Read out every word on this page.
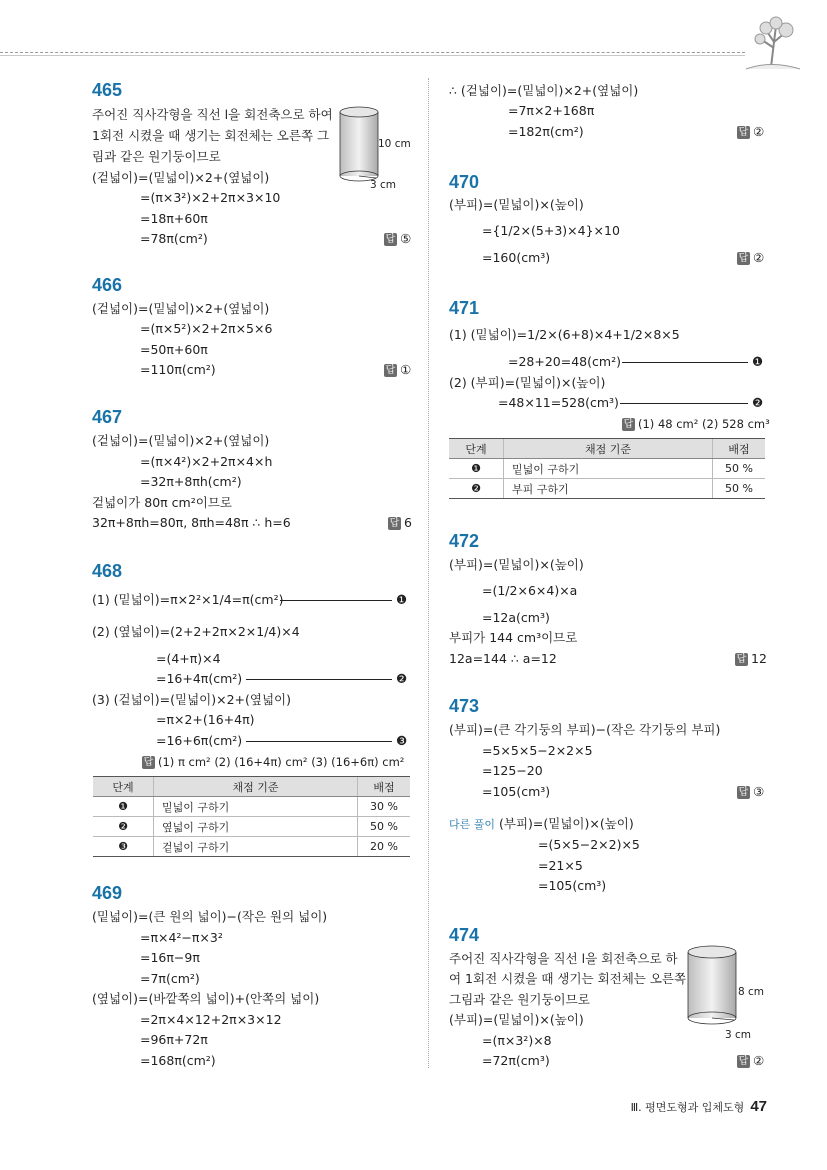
465
주어진 직사각형을 직선 l을 회전축으로 하여
1회전 시켰을 때 생기는 회전체는 오른쪽 그
림과 같은 원기둥이므로
(겉넓이)=(밑넓이)×2+(옆넓이)
=(π×3²)×2+2π×3×10
=18π+60π
=78π(cm²)	답 ⑤
10 cm
3 cm
466
(겉넓이)=(밑넓이)×2+(옆넓이)
=(π×5²)×2+2π×5×6
=50π+60π
=110π(cm²)	답 ①
467
(겉넓이)=(밑넓이)×2+(옆넓이)
=(π×4²)×2+2π×4×h
=32π+8πh(cm²)
겉넓이가 80π cm²이므로
32π+8πh=80π, 8πh=48π ∴ h=6	답 6
468
(1) (밑넓이)=π×2²×1/4=π(cm²)	❶
(2) (옆넓이)=(2+2+2π×2×1/4)×4
=(4+π)×4
=16+4π(cm²)	❷
(3) (겉넓이)=(밑넓이)×2+(옆넓이)
=π×2+(16+4π)
=16+6π(cm²)	❸
답 (1) π cm² (2) (16+4π) cm² (3) (16+6π) cm²
단계	채점 기준	배점
❶	밑넓이 구하기	30 %
❷	옆넓이 구하기	50 %
❸	겉넓이 구하기	20 %
469
(밑넓이)=(큰 원의 넓이)−(작은 원의 넓이)
=π×4²−π×3²
=16π−9π
=7π(cm²)
(옆넓이)=(바깥쪽의 넓이)+(안쪽의 넓이)
=2π×4×12+2π×3×12
=96π+72π
=168π(cm²)
∴ (겉넓이)=(밑넓이)×2+(옆넓이)
=7π×2+168π
=182π(cm²)	답 ②
470
(부피)=(밑넓이)×(높이)
={1/2×(5+3)×4}×10
=160(cm³)	답 ②
471
(1) (밑넓이)=1/2×(6+8)×4+1/2×8×5
=28+20=48(cm²)	❶
(2) (부피)=(밑넓이)×(높이)
=48×11=528(cm³)	❷
답 (1) 48 cm² (2) 528 cm³
단계	채점 기준	배점
❶	밑넓이 구하기	50 %
❷	부피 구하기	50 %
472
(부피)=(밑넓이)×(높이)
=(1/2×6×4)×a
=12a(cm³)
부피가 144 cm³이므로
12a=144 ∴ a=12	답 12
473
(부피)=(큰 각기둥의 부피)−(작은 각기둥의 부피)
=5×5×5−2×2×5
=125−20
=105(cm³)	답 ③
다른 풀이 (부피)=(밑넓이)×(높이)
=(5×5−2×2)×5
=21×5
=105(cm³)
474
주어진 직사각형을 직선 l을 회전축으로 하
여 1회전 시켰을 때 생기는 회전체는 오른쪽
그림과 같은 원기둥이므로
(부피)=(밑넓이)×(높이)
=(π×3²)×8
=72π(cm³)	답 ②
8 cm
3 cm
Ⅲ. 평면도형과 입체도형 47
